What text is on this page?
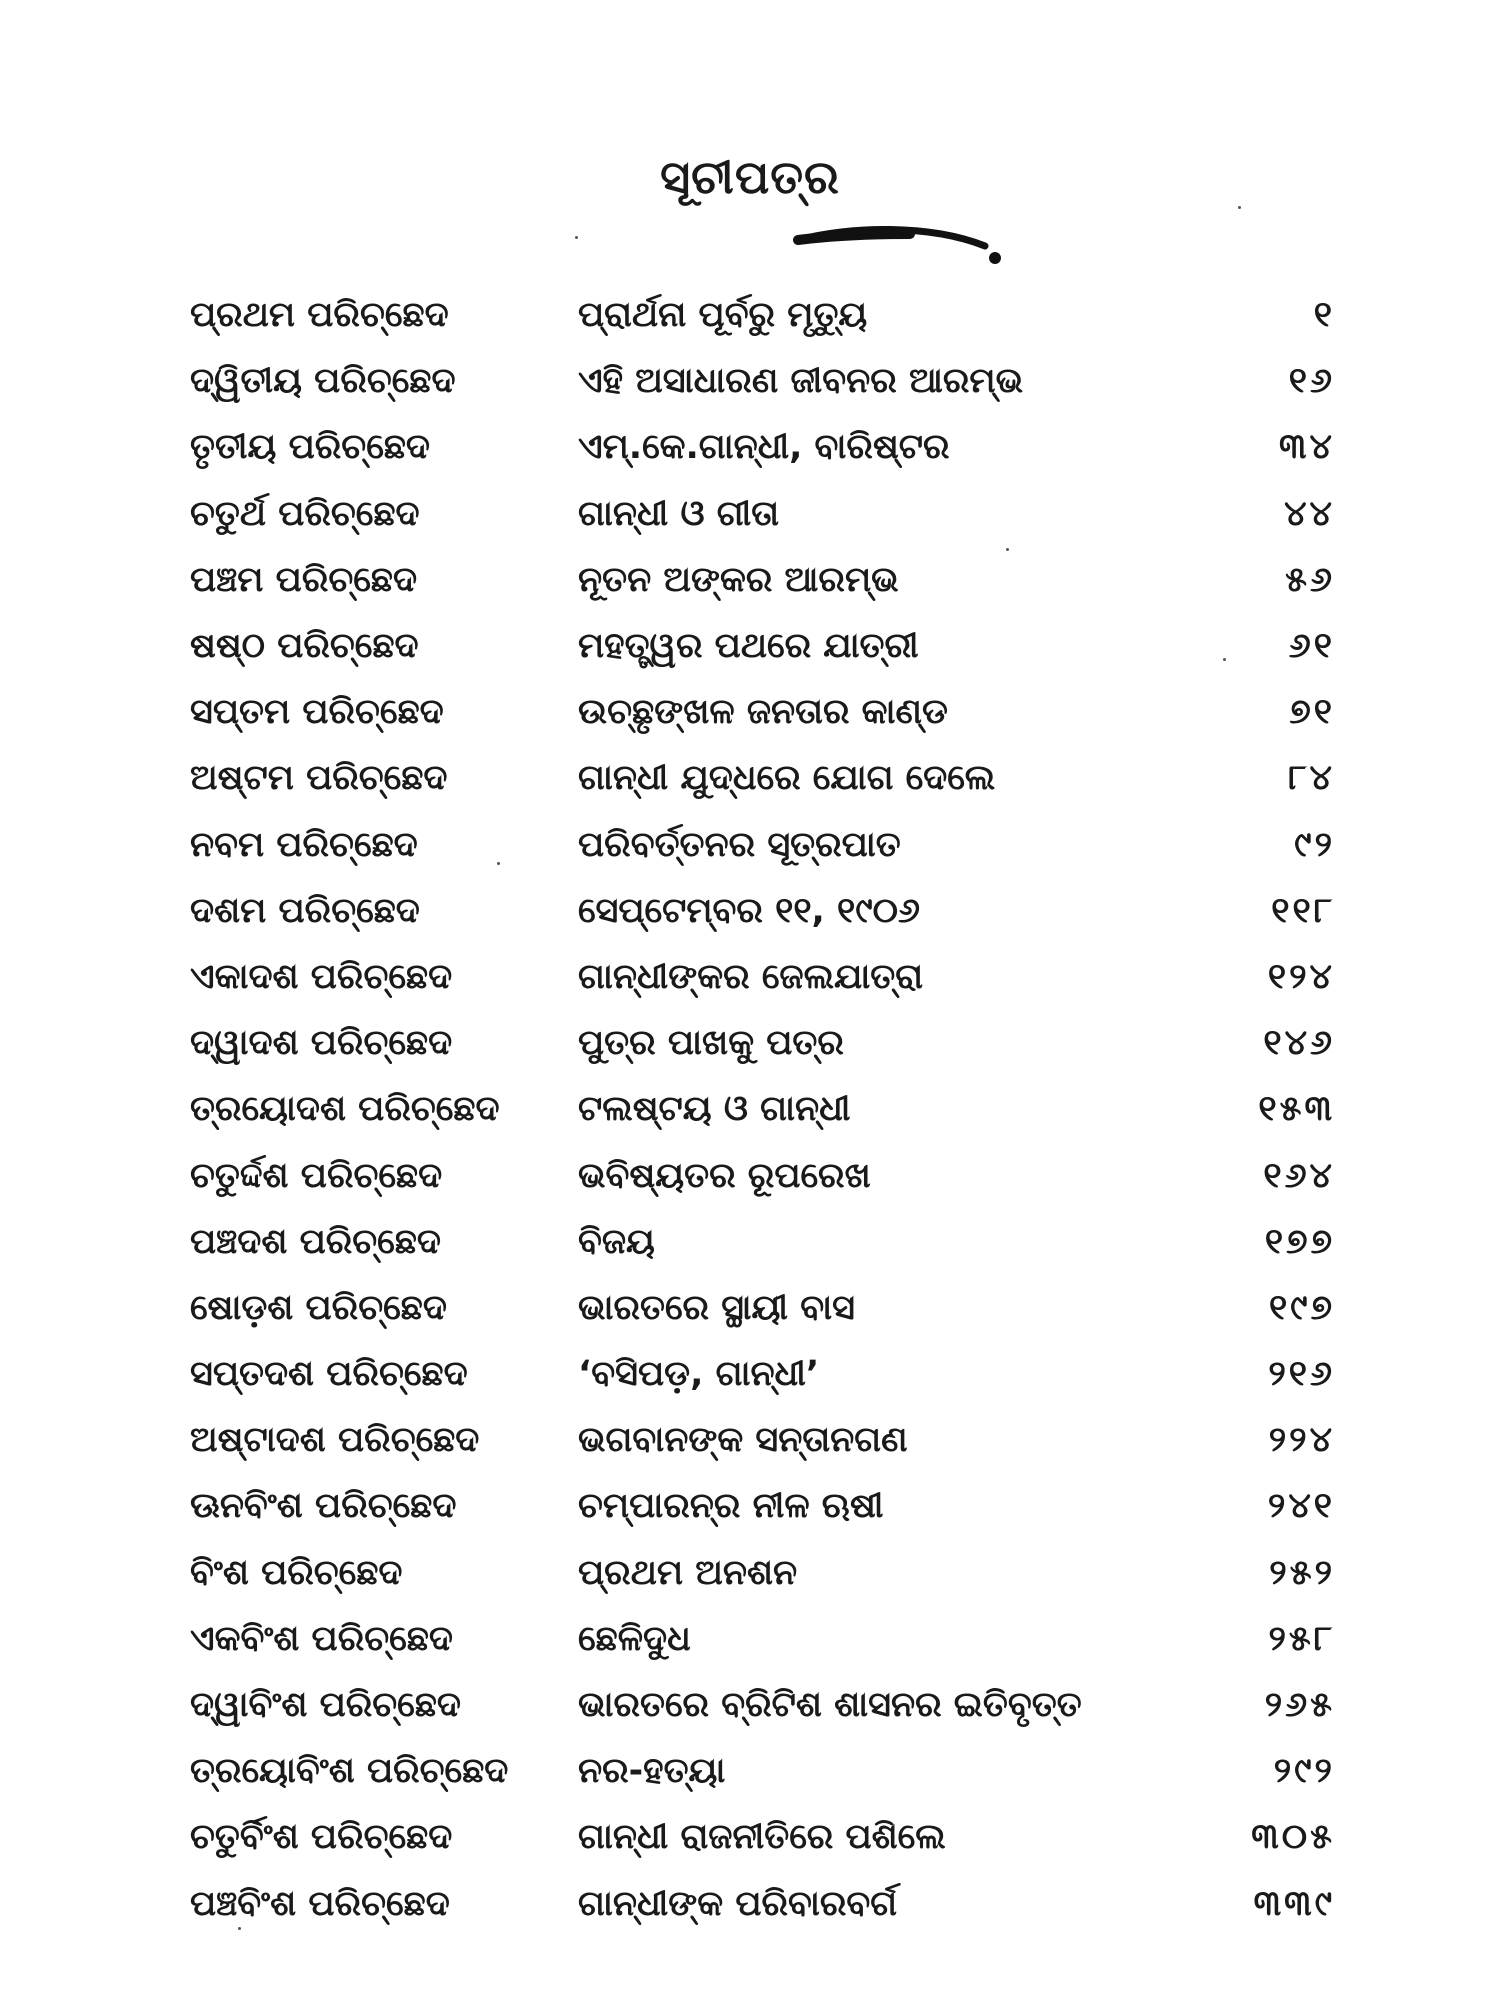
ସୂଚୀପତ୍ର
ପ୍ରଥମ ପରିଚ୍ଛେଦ	ପ୍ରାର୍ଥନା ପୂର୍ବରୁ ମୃତ୍ୟୁ	୧
ଦ୍ୱିତୀୟ ପରିଚ୍ଛେଦ	ଏହି ଅସାଧାରଣ ଜୀବନର ଆରମ୍ଭ	୧୬
ତୃତୀୟ ପରିଚ୍ଛେଦ	ଏମ୍.କେ.ଗାନ୍ଧୀ, ବାରିଷ୍ଟର	୩୪
ଚତୁର୍ଥ ପରିଚ୍ଛେଦ	ଗାନ୍ଧୀ ଓ ଗୀତା	୪୪
ପଞ୍ଚମ ପରିଚ୍ଛେଦ	ନୂତନ ଅଙ୍କର ଆରମ୍ଭ	୫୬
ଷଷ୍ଠ ପରିଚ୍ଛେଦ	ମହତ୍ତ୍ୱର ପଥରେ ଯାତ୍ରୀ	୬୧
ସପ୍ତମ ପରିଚ୍ଛେଦ	ଉଚ୍ଛୃଙ୍ଖଳ ଜନତାର କାଣ୍ଡ	୭୧
ଅଷ୍ଟମ ପରିଚ୍ଛେଦ	ଗାନ୍ଧୀ ଯୁଦ୍ଧରେ ଯୋଗ ଦେଲେ	୮୪
ନବମ ପରିଚ୍ଛେଦ	ପରିବର୍ତ୍ତନର ସୂତ୍ରପାତ	୯୨
ଦଶମ ପରିଚ୍ଛେଦ	ସେପ୍ଟେମ୍ବର ୧୧, ୧୯୦୬	୧୧୮
ଏକାଦଶ ପରିଚ୍ଛେଦ	ଗାନ୍ଧୀଙ୍କର ଜେଲଯାତ୍ରା	୧୨୪
ଦ୍ୱାଦଶ ପରିଚ୍ଛେଦ	ପୁତ୍ର ପାଖକୁ ପତ୍ର	୧୪୬
ତ୍ରୟୋଦଶ ପରିଚ୍ଛେଦ	ଟଲଷ୍ଟୟ ଓ ଗାନ୍ଧୀ	୧୫୩
ଚତୁର୍ଦ୍ଦଶ ପରିଚ୍ଛେଦ	ଭବିଷ୍ୟତର ରୂପରେଖ	୧୬୪
ପଞ୍ଚଦଶ ପରିଚ୍ଛେଦ	ବିଜୟ	୧୭୭
ଷୋଡ଼ଶ ପରିଚ୍ଛେଦ	ଭାରତରେ ସ୍ଥାୟୀ ବାସ	୧୯୭
ସପ୍ତଦଶ ପରିଚ୍ଛେଦ	‘ବସିପଡ଼, ଗାନ୍ଧୀ’	୨୧୬
ଅଷ୍ଟାଦଶ ପରିଚ୍ଛେଦ	ଭଗବାନଙ୍କ ସନ୍ତାନଗଣ	୨୨୪
ଊନବିଂଶ ପରିଚ୍ଛେଦ	ଚମ୍ପାରନ୍‌ର ନୀଳ ଋଷୀ	୨୪୧
ବିଂଶ ପରିଚ୍ଛେଦ	ପ୍ରଥମ ଅନଶନ	୨୫୨
ଏକବିଂଶ ପରିଚ୍ଛେଦ	ଛେଳିଦୁଧ	୨୫୮
ଦ୍ୱାବିଂଶ ପରିଚ୍ଛେଦ	ଭାରତରେ ବ୍ରିଟିଶ ଶାସନର ଇତିବୃତ୍ତ	୨୬୫
ତ୍ରୟୋବିଂଶ ପରିଚ୍ଛେଦ	ନର-ହତ୍ୟା	୨୯୨
ଚତୁର୍ବିଂଶ ପରିଚ୍ଛେଦ	ଗାନ୍ଧୀ ରାଜନୀତିରେ ପଶିଲେ	୩୦୫
ପଞ୍ଚବିଂଶ ପରିଚ୍ଛେଦ	ଗାନ୍ଧୀଙ୍କ ପରିବାରବର୍ଗ	୩୩୯
